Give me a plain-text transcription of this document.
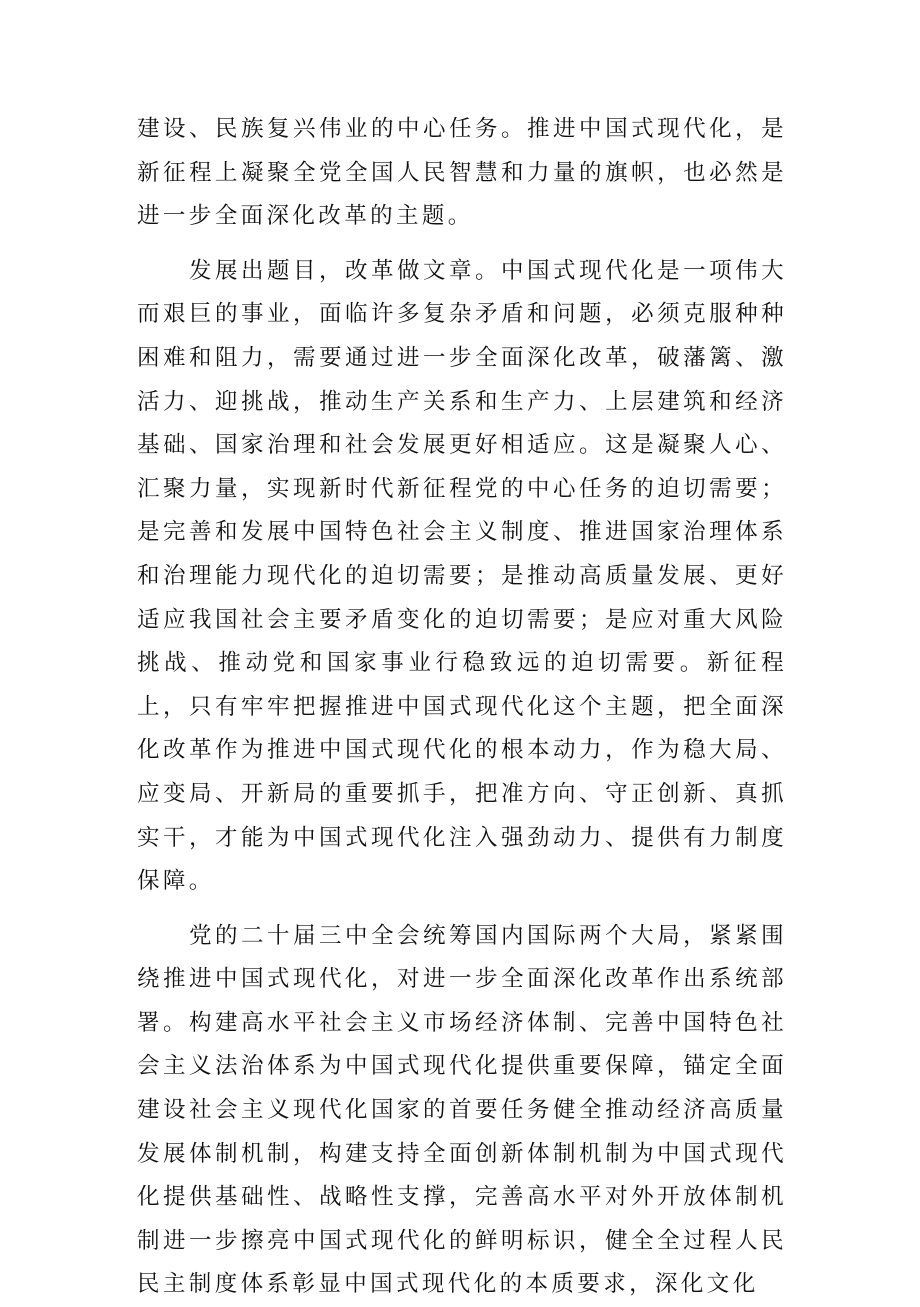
建设、民族复兴伟业的中心任务。推进中国式现代化，是新征程上凝聚全党全国人民智慧和力量的旗帜，也必然是进一步全面深化改革的主题。

发展出题目，改革做文章。中国式现代化是一项伟大而艰巨的事业，面临许多复杂矛盾和问题，必须克服种种困难和阻力，需要通过进一步全面深化改革，破藩篱、激活力、迎挑战，推动生产关系和生产力、上层建筑和经济基础、国家治理和社会发展更好相适应。这是凝聚人心、汇聚力量，实现新时代新征程党的中心任务的迫切需要；是完善和发展中国特色社会主义制度、推进国家治理体系和治理能力现代化的迫切需要；是推动高质量发展、更好适应我国社会主要矛盾变化的迫切需要；是应对重大风险挑战、推动党和国家事业行稳致远的迫切需要。新征程上，只有牢牢把握推进中国式现代化这个主题，把全面深化改革作为推进中国式现代化的根本动力，作为稳大局、应变局、开新局的重要抓手，把准方向、守正创新、真抓实干，才能为中国式现代化注入强劲动力、提供有力制度保障。

党的二十届三中全会统筹国内国际两个大局，紧紧围绕推进中国式现代化，对进一步全面深化改革作出系统部署。构建高水平社会主义市场经济体制、完善中国特色社会主义法治体系为中国式现代化提供重要保障，锚定全面建设社会主义现代化国家的首要任务健全推动经济高质量发展体制机制，构建支持全面创新体制机制为中国式现代化提供基础性、战略性支撑，完善高水平对外开放体制机制进一步擦亮中国式现代化的鲜明标识，健全全过程人民民主制度体系彰显中国式现代化的本质要求，深化文化
